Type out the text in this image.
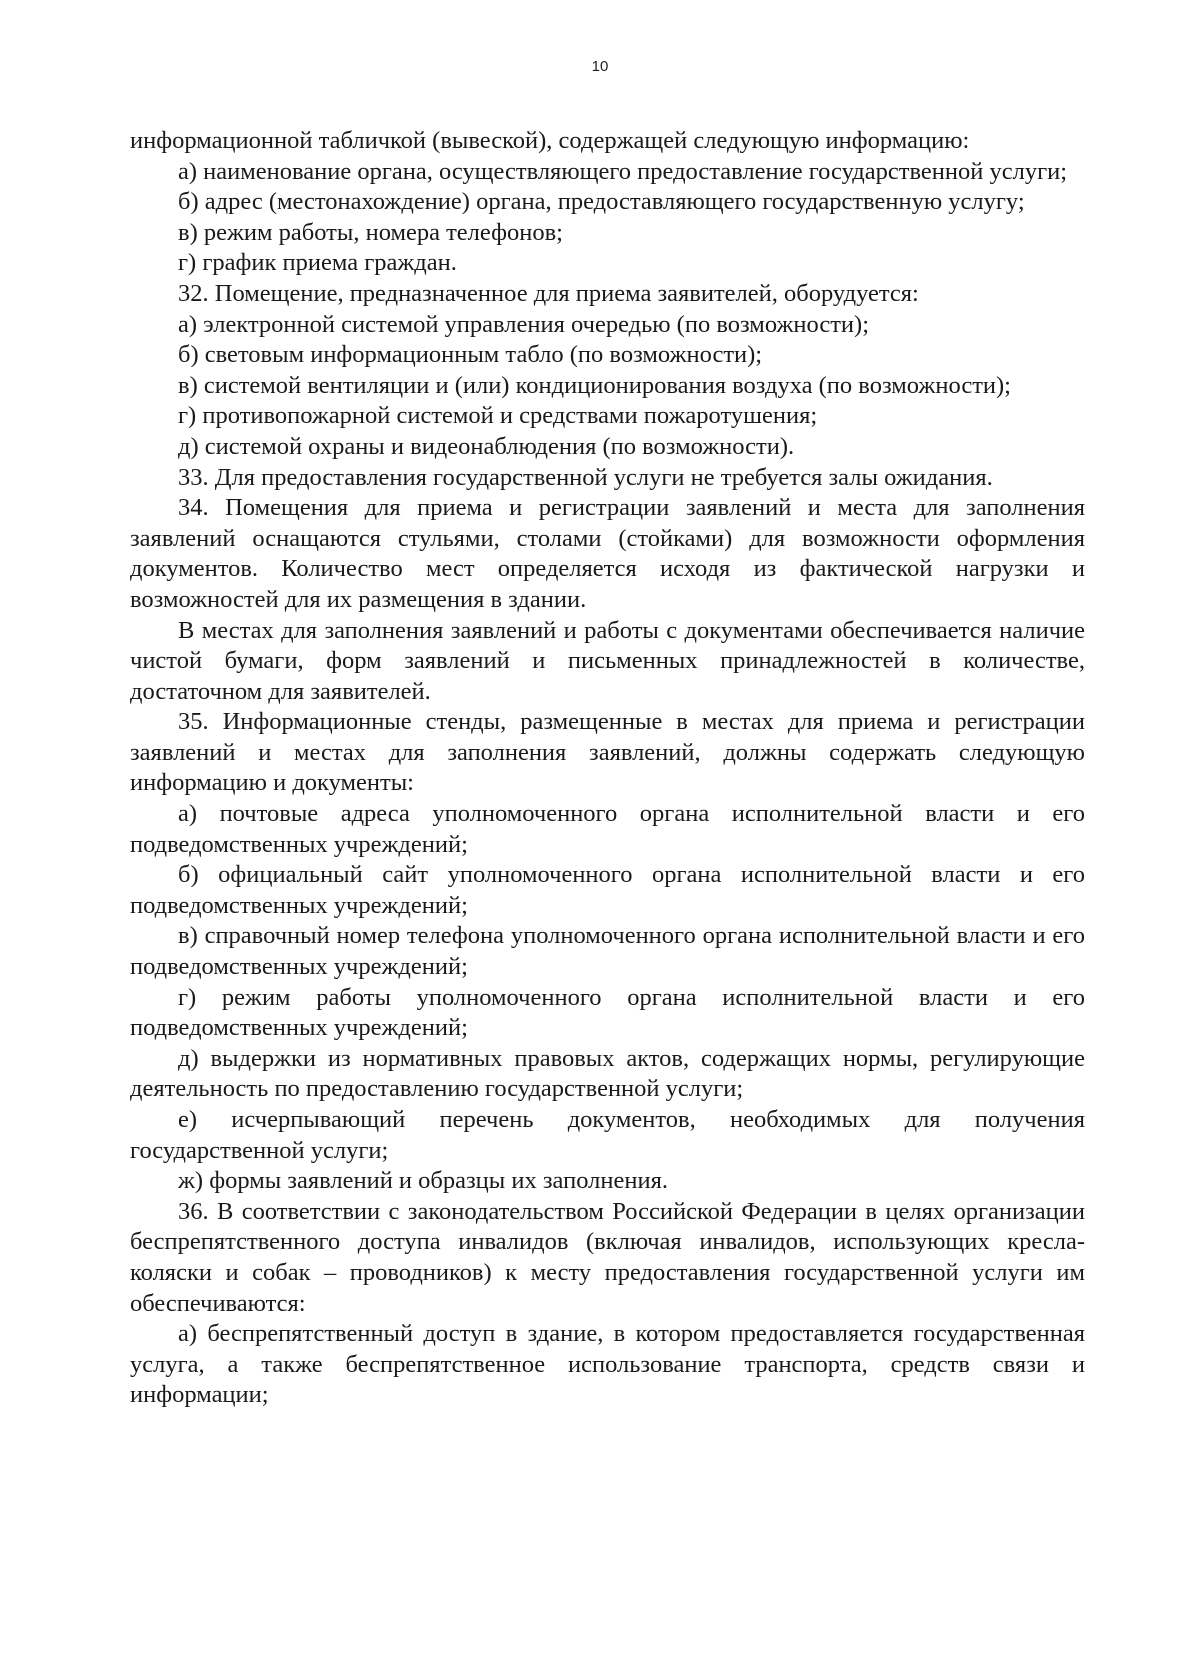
10

информационной табличкой (вывеской), содержащей следующую информацию:

а) наименование органа, осуществляющего предоставление государственной услуги;

б) адрес (местонахождение) органа, предоставляющего государственную услугу;

в) режим работы, номера телефонов;

г) график приема граждан.

32. Помещение, предназначенное для приема заявителей, оборудуется:

а) электронной системой управления очередью (по возможности);

б) световым информационным табло (по возможности);

в) системой вентиляции и (или) кондиционирования воздуха (по возможности);

г) противопожарной системой и средствами пожаротушения;

д) системой охраны и видеонаблюдения (по возможности).

33. Для предоставления государственной услуги не требуется залы ожидания.

34. Помещения для приема и регистрации заявлений и места для заполнения заявлений оснащаются стульями, столами (стойками) для возможности оформления документов. Количество мест определяется исходя из фактической нагрузки и возможностей для их размещения в здании.

В местах для заполнения заявлений и работы с документами обеспечивается наличие чистой бумаги, форм заявлений и письменных принадлежностей в количестве, достаточном для заявителей.

35. Информационные стенды, размещенные в местах для приема и регистрации заявлений и местах для заполнения заявлений, должны содержать следующую информацию и документы:

а) почтовые адреса уполномоченного органа исполнительной власти и его подведомственных учреждений;

б) официальный сайт уполномоченного органа исполнительной власти и его подведомственных учреждений;

в) справочный номер телефона уполномоченного органа исполнительной власти и его подведомственных учреждений;

г) режим работы уполномоченного органа исполнительной власти и его подведомственных учреждений;

д) выдержки из нормативных правовых актов, содержащих нормы, регулирующие деятельность по предоставлению государственной услуги;

е) исчерпывающий перечень документов, необходимых для получения государственной услуги;

ж) формы заявлений и образцы их заполнения.

36. В соответствии с законодательством Российской Федерации в целях организации беспрепятственного доступа инвалидов (включая инвалидов, использующих кресла-коляски и собак – проводников) к месту предоставления государственной услуги им обеспечиваются:

а) беспрепятственный доступ в здание, в котором предоставляется государственная услуга, а также беспрепятственное использование транспорта, средств связи и информации;
